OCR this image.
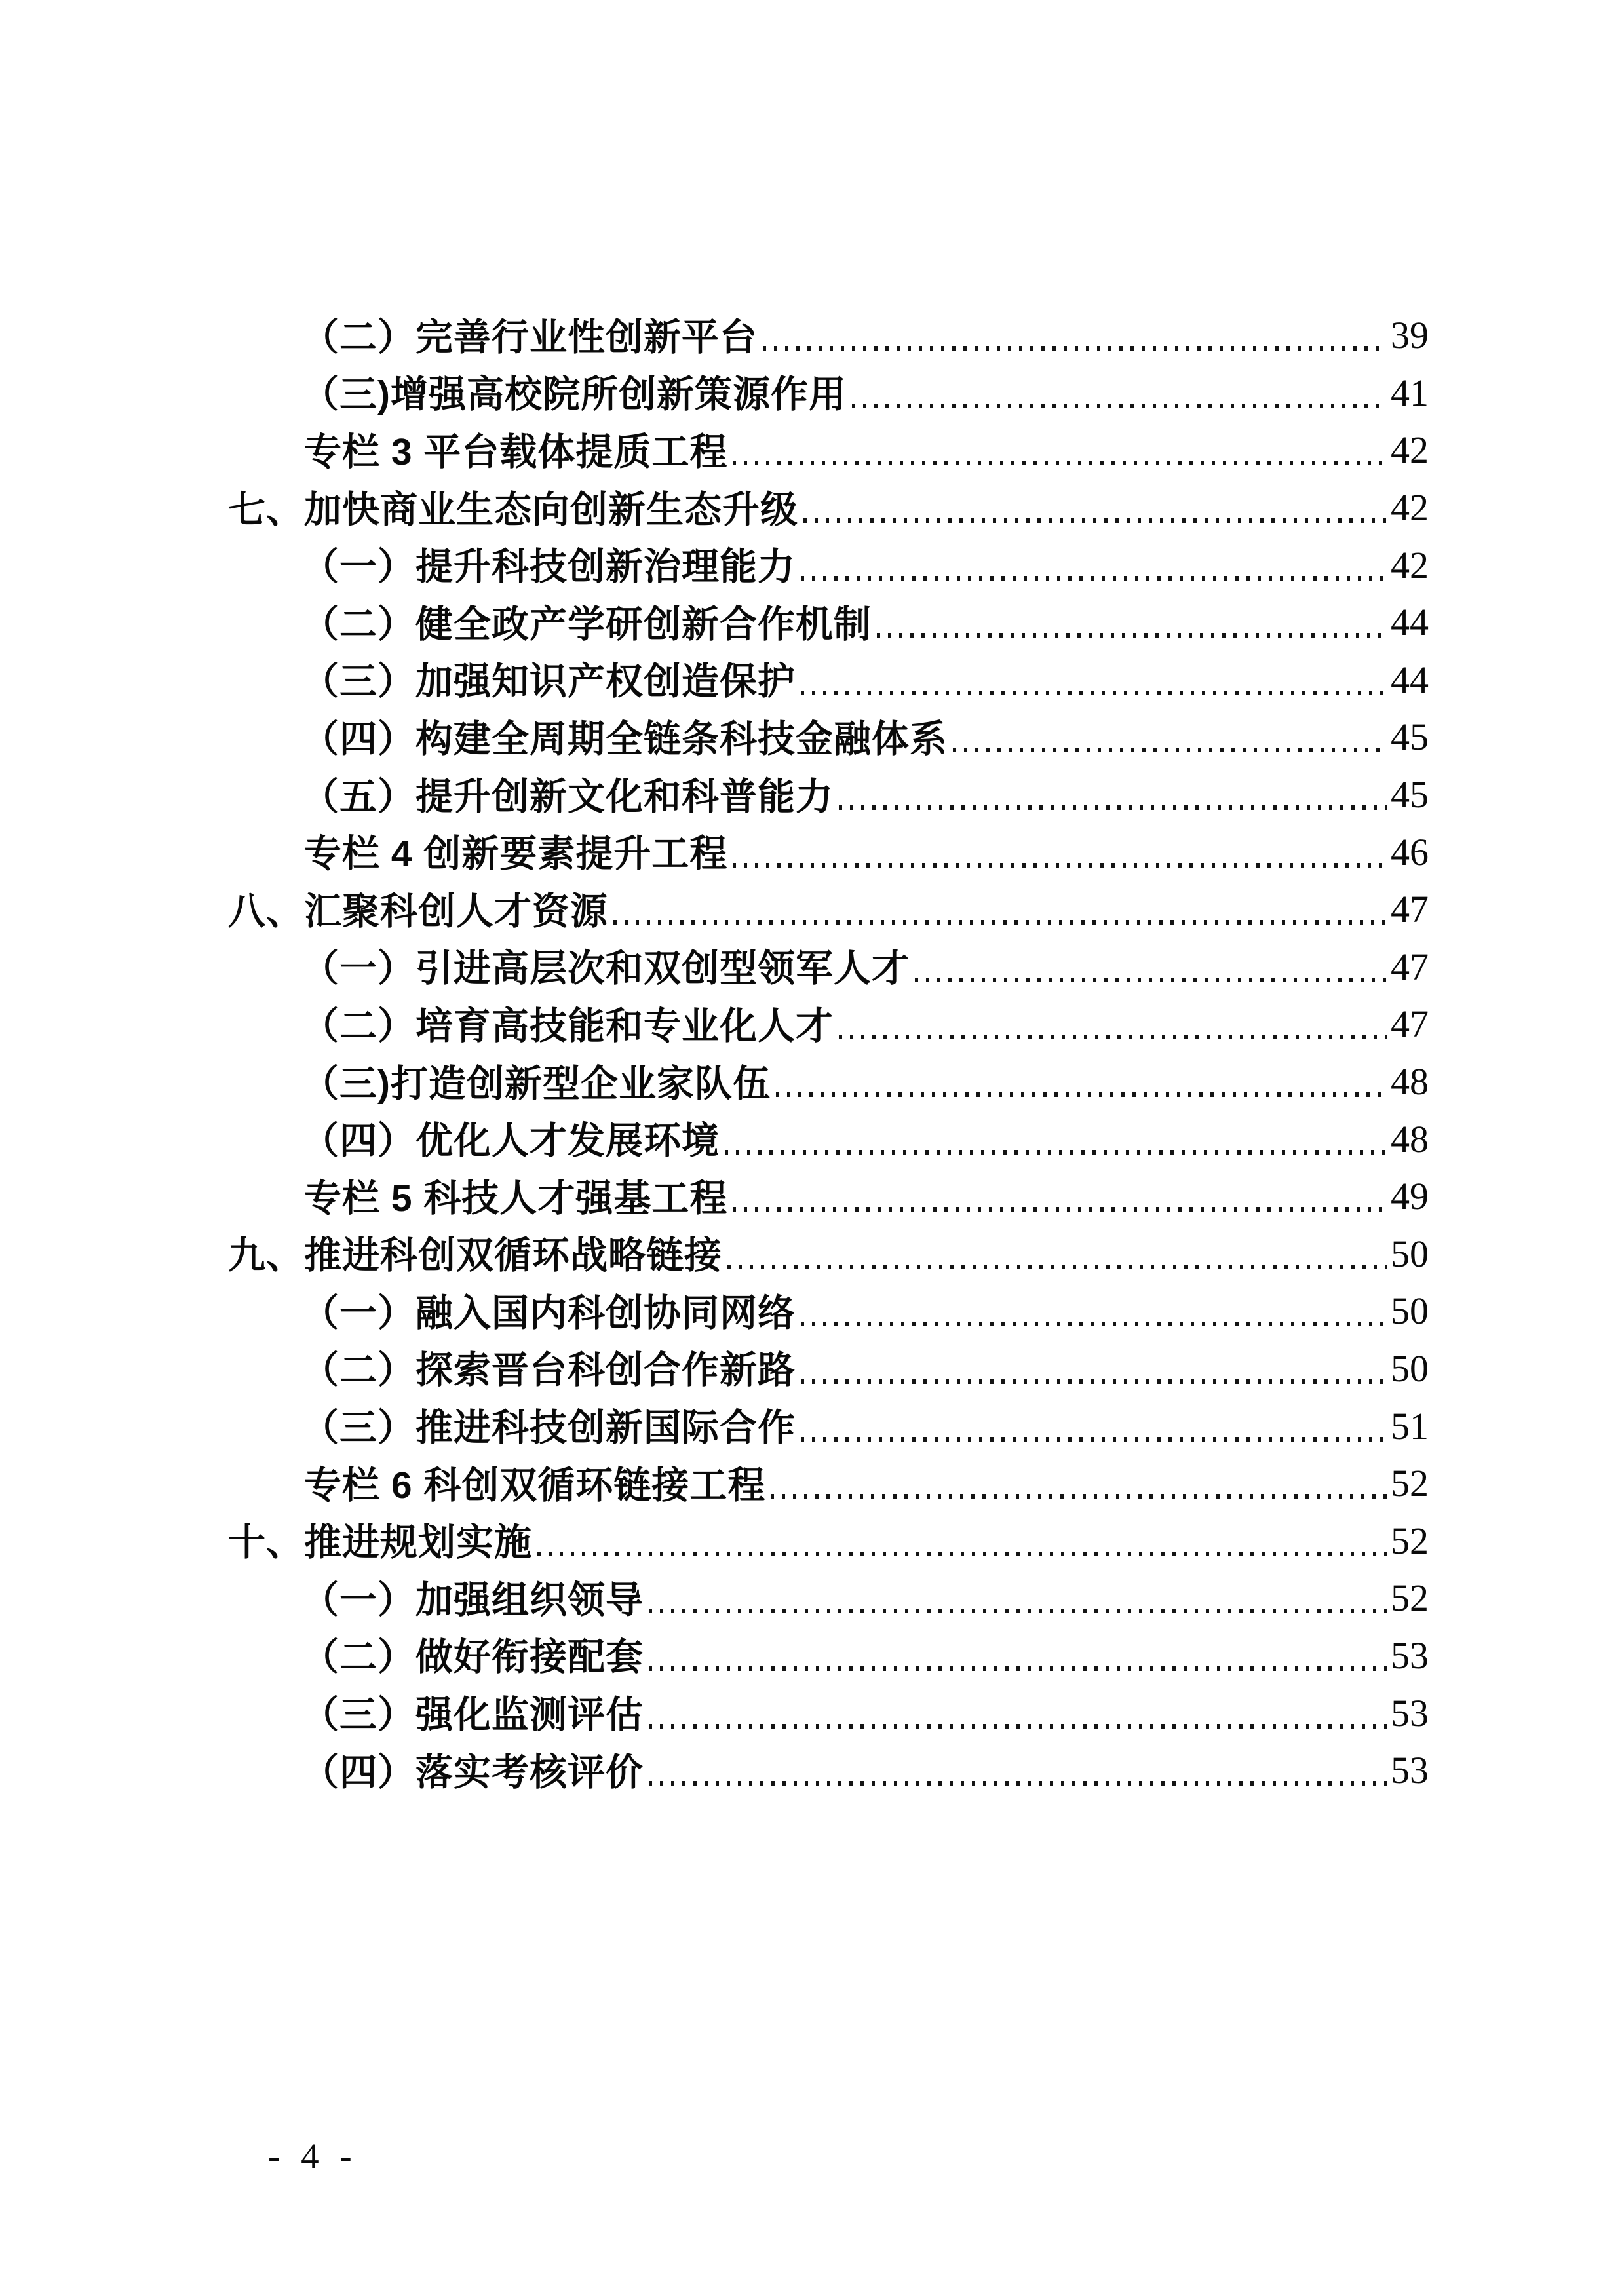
（二）完善行业性创新平台	39
（三)增强高校院所创新策源作用	41
专栏 3 平台载体提质工程	42
七、加快商业生态向创新生态升级	42
（一）提升科技创新治理能力	42
（二）健全政产学研创新合作机制	44
（三）加强知识产权创造保护	44
（四）构建全周期全链条科技金融体系	45
（五）提升创新文化和科普能力	45
专栏 4 创新要素提升工程	46
八、汇聚科创人才资源	47
（一）引进高层次和双创型领军人才	47
（二）培育高技能和专业化人才	47
（三)打造创新型企业家队伍	48
（四）优化人才发展环境	48
专栏 5 科技人才强基工程	49
九、推进科创双循环战略链接	50
（一）融入国内科创协同网络	50
（二）探索晋台科创合作新路	50
（三）推进科技创新国际合作	51
专栏 6 科创双循环链接工程	52
十、推进规划实施	52
（一）加强组织领导	52
（二）做好衔接配套	53
（三）强化监测评估	53
（四）落实考核评价	53

- 4 -
